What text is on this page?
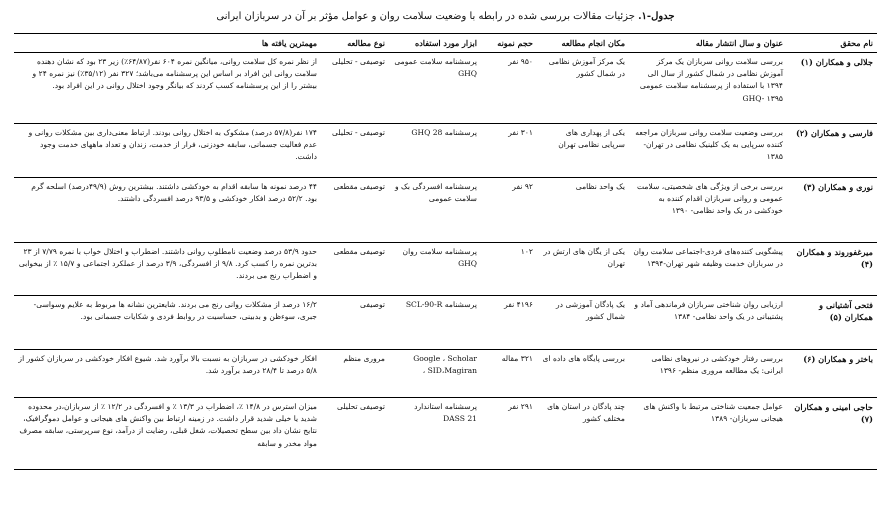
جدول-۱. جزئیات مقالات بررسی شده در رابطه با وضعیت سلامت روان و عوامل مؤثر بر آن در سربازان ایرانی
نام محقق	عنوان و سال انتشار مقاله	مکان انجام مطالعه	حجم نمونه	ابزار مورد استفاده	نوع مطالعه	مهمترین یافته ها
جلالی و همکاران (۱)	بررسی سلامت روانی سربازان یک مرکز آموزش نظامی در شمال کشور از سال الی ۱۳۹۴ با استفاده از پرسشنامه سلامت عمومی GHQ- ۱۳۹۵	یک مرکز آموزش نظامی در شمال کشور	۹۵۰ نفر	پرسشنامه سلامت عمومی GHQ	توصیفی - تحلیلی	از نظر نمره کل سلامت روانی، میانگین نمره ۶۰۴ نفر(۶۴/۸۷٪) زیر ۲۳ بود که نشان دهنده سلامت روانی این افراد بر اساس این پرسشنامه می‌باشد؛ ۳۲۷ نفر (۳۵/۱۲٪) نیز نمره ۲۴ و بیشتر را از این پرسشنامه کسب کردند که بیانگر وجود اختلال روانی در این افراد بود.
فارسی و همکاران (۲)	بررسی وضعیت سلامت روانی سربازان مراجعه کننده سرپایی به یک کلینیک نظامی در تهران- ۱۳۸۵	یکی از پهداری های سرپایی نظامی تهران	۳۰۱ نفر	پرسشنامه GHQ 28	توصیفی - تحلیلی	۱۷۴ نفر(۵۷/۸ درصد) مشکوک به اختلال روانی بودند. ارتباط معنی‌داری بین مشکلات روانی و عدم فعالیت جسمانی، سابقه خودزنی، فرار از خدمت، زندان و تعداد ماههای خدمت وجود داشت.
نوری و همکاران (۳)	بررسی برخی از ویژگی های شخصیتی، سلامت عمومی و روانی سربازان اقدام کننده به خودکشی در یک واحد نظامی- ۱۳۹۰	یک واحد نظامی	۹۲ نفر	پرسشنامه افسردگی بک و سلامت عمومی	توصیفی مقطعی	۴۴ درصد نمونه ها سابقه اقدام به خودکشی داشتند. بیشترین روش (۴۹/۹درصد) اسلحه گرم بود. ۵۲/۲ درصد افکار خودکشی و ۹۳/۵ درصد افسردگی داشتند.
میرغفوروند و همکاران (۴)	پیشگویی کننده‌های فردی-اجتماعی سلامت روان در سربازان خدمت وظیفه شهر تهران-۱۳۹۴	یکی از یگان های ارتش در تهران	۱۰۲	پرسشنامه سلامت روان GHQ	توصیفی مقطعی	حدود ۵۳/۹ درصد وضعیت نامطلوب روانی داشتند. اضطراب و اختلال خواب با نمره ۷/۷۹ از ۲۳ بدترین نمره را کسب کرد. ۹/۸ از افسردگی، ۳/۹ درصد از عملکرد اجتماعی و ۱۵/۷ ٪ از بیخوابی و اضطراب رنج می بردند.
فتحی آشتیانی و همکاران (۵)	ارزیابی روان شناختی سربازان فرماندهی آماد و پشتیبانی در یک واحد نظامی- ۱۳۸۴	یک پادگان آموزشی در شمال کشور	۴۱۹۶ نفر	پرسشنامه SCL-90-R	توصیفی	۱۶/۲ درصد از مشکلات روانی رنج می بردند. شایعترین نشانه ها مربوط به علایم وسواسی-جبری، سوءظن و بدبینی، حساسیت در روابط فردی و شکایات جسمانی بود.
باختر و همکاران (۶)	بررسی رفتار خودکشی در نیروهای نظامی ایرانی: یک مطالعه مروری منظم- ۱۳۹۶	بررسی پایگاه های داده ای	۳۲۱ مقاله	Google ، Scholar SID،Magiran ،	مروری منظم	افکار خودکشی در سربازان به نسبت بالا برآورد شد. شیوع افکار خودکشی در سربازان کشور از ۵/۸ درصد تا ۲۸/۴ درصد برآورد شد.
حاجی امینی و همکاران (۷)	عوامل جمعیت شناختی مرتبط با واکنش های هیجانی سربازان- ۱۳۸۹	چند پادگان در استان های مختلف کشور	۲۹۱ نفر	پرسشنامه استاندارد DASS 21	توصیفی تحلیلی	میزان استرس در ۱۴/۸ ٪، اضطراب در ۱۳/۳ ٪ و افسردگی در ۱۲/۲ ٪ از سربازان،در محدوده شدید یا خیلی شدید قرار داشت. در زمینه ارتباط بین واکنش های هیجانی و عوامل دموگرافیک، نتایج نشان داد بین سطح تحصیلات، شغل قبلی، رضایت از درآمد، نوع سرپرستی، سابقه مصرف مواد مخدر و سابقه
